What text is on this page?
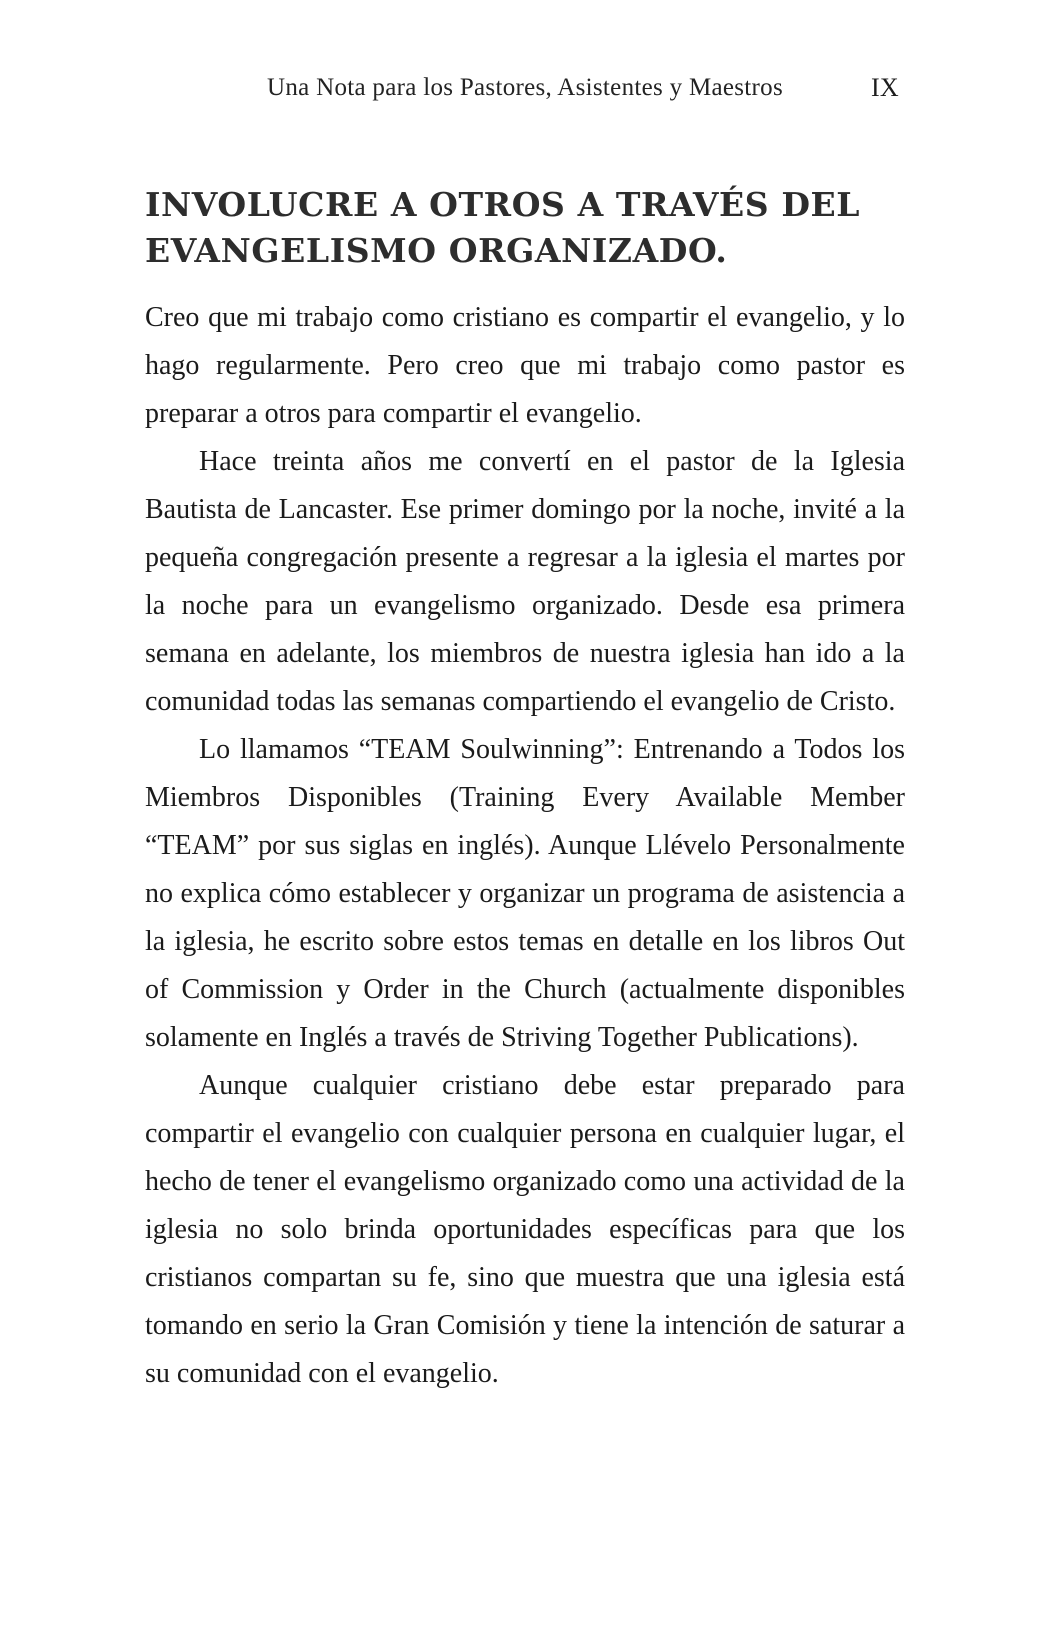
Una Nota para los Pastores, Asistentes y Maestros	IX
INVOLUCRE A OTROS A TRAVÉS DEL
EVANGELISMO ORGANIZADO.

Creo que mi trabajo como cristiano es compartir el evangelio, y lo hago regularmente. Pero creo que mi trabajo como pastor es preparar a otros para compartir el evangelio.

Hace treinta años me convertí en el pastor de la Iglesia Bautista de Lancaster. Ese primer domingo por la noche, invité a la pequeña congregación presente a regresar a la iglesia el martes por la noche para un evangelismo organizado. Desde esa primera semana en adelante, los miembros de nuestra iglesia han ido a la comunidad todas las semanas compartiendo el evangelio de Cristo.

Lo llamamos “TEAM Soulwinning”: Entrenando a Todos los Miembros Disponibles (Training Every Available Member “TEAM” por sus siglas en inglés). Aunque Llévelo Personalmente no explica cómo establecer y organizar un programa de asistencia a la iglesia, he escrito sobre estos temas en detalle en los libros Out of Commission y Order in the Church (actualmente disponibles solamente en Inglés a través de Striving Together Publications).

Aunque cualquier cristiano debe estar preparado para compartir el evangelio con cualquier persona en cualquier lugar, el hecho de tener el evangelismo organizado como una actividad de la iglesia no solo brinda oportunidades específicas para que los cristianos compartan su fe, sino que muestra que una iglesia está tomando en serio la Gran Comisión y tiene la intención de saturar a su comunidad con el evangelio.
